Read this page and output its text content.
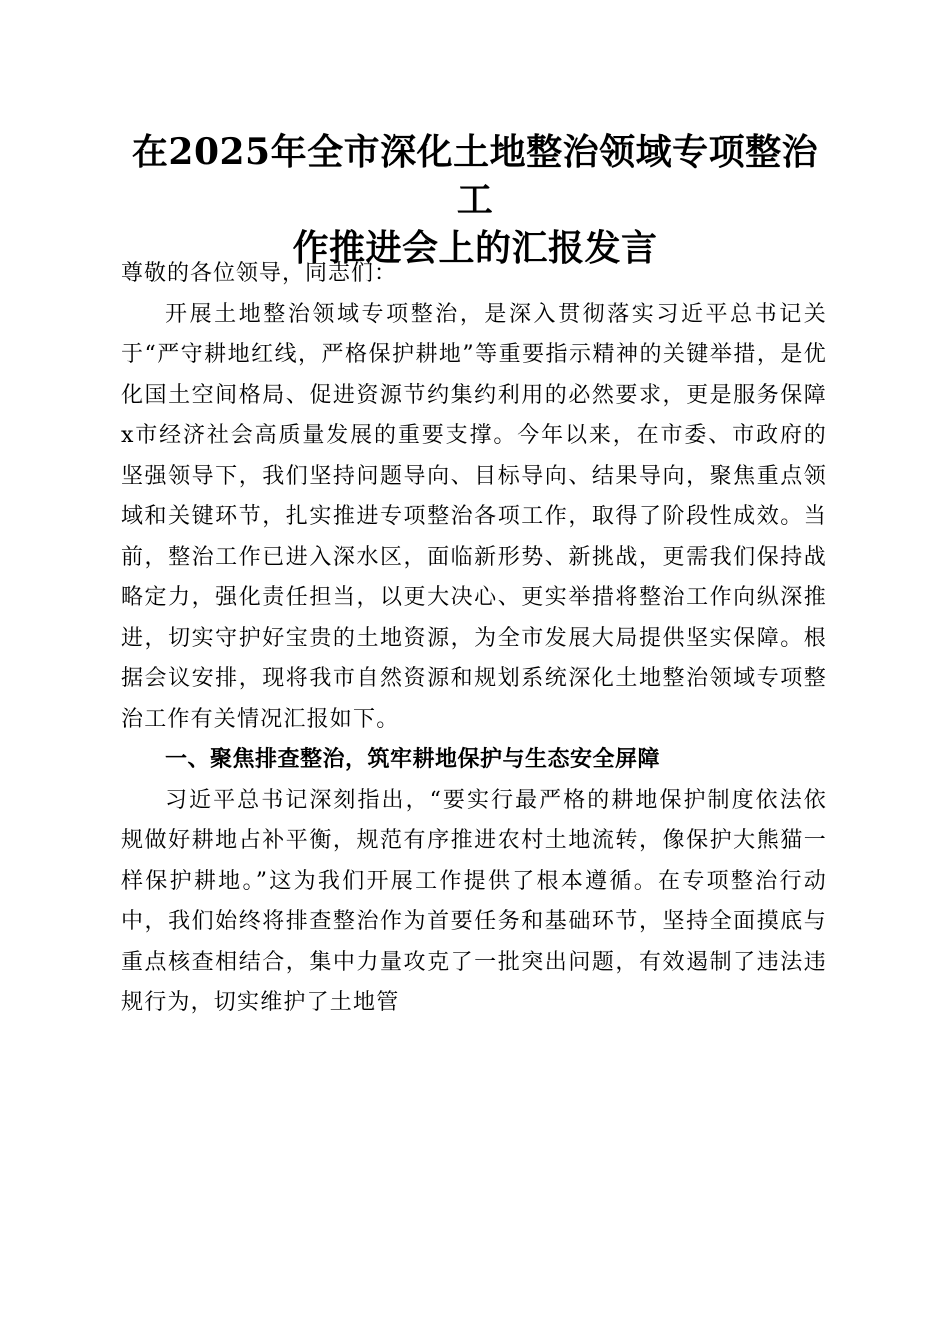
在2025年全市深化土地整治领域专项整治工
作推进会上的汇报发言

尊敬的各位领导，同志们：

开展土地整治领域专项整治，是深入贯彻落实习近平总书记关于“严守耕地红线，严格保护耕地”等重要指示精神的关键举措，是优化国土空间格局、促进资源节约集约利用的必然要求，更是服务保障x市经济社会高质量发展的重要支撑。今年以来，在市委、市政府的坚强领导下，我们坚持问题导向、目标导向、结果导向，聚焦重点领域和关键环节，扎实推进专项整治各项工作，取得了阶段性成效。当前，整治工作已进入深水区，面临新形势、新挑战，更需我们保持战略定力，强化责任担当，以更大决心、更实举措将整治工作向纵深推进，切实守护好宝贵的土地资源，为全市发展大局提供坚实保障。根据会议安排，现将我市自然资源和规划系统深化土地整治领域专项整治工作有关情况汇报如下。

一、聚焦排查整治，筑牢耕地保护与生态安全屏障

习近平总书记深刻指出，“要实行最严格的耕地保护制度依法依规做好耕地占补平衡，规范有序推进农村土地流转，像保护大熊猫一样保护耕地。”这为我们开展工作提供了根本遵循。在专项整治行动中，我们始终将排查整治作为首要任务和基础环节，坚持全面摸底与重点核查相结合，集中力量攻克了一批突出问题，有效遏制了违法违规行为，切实维护了土地管
